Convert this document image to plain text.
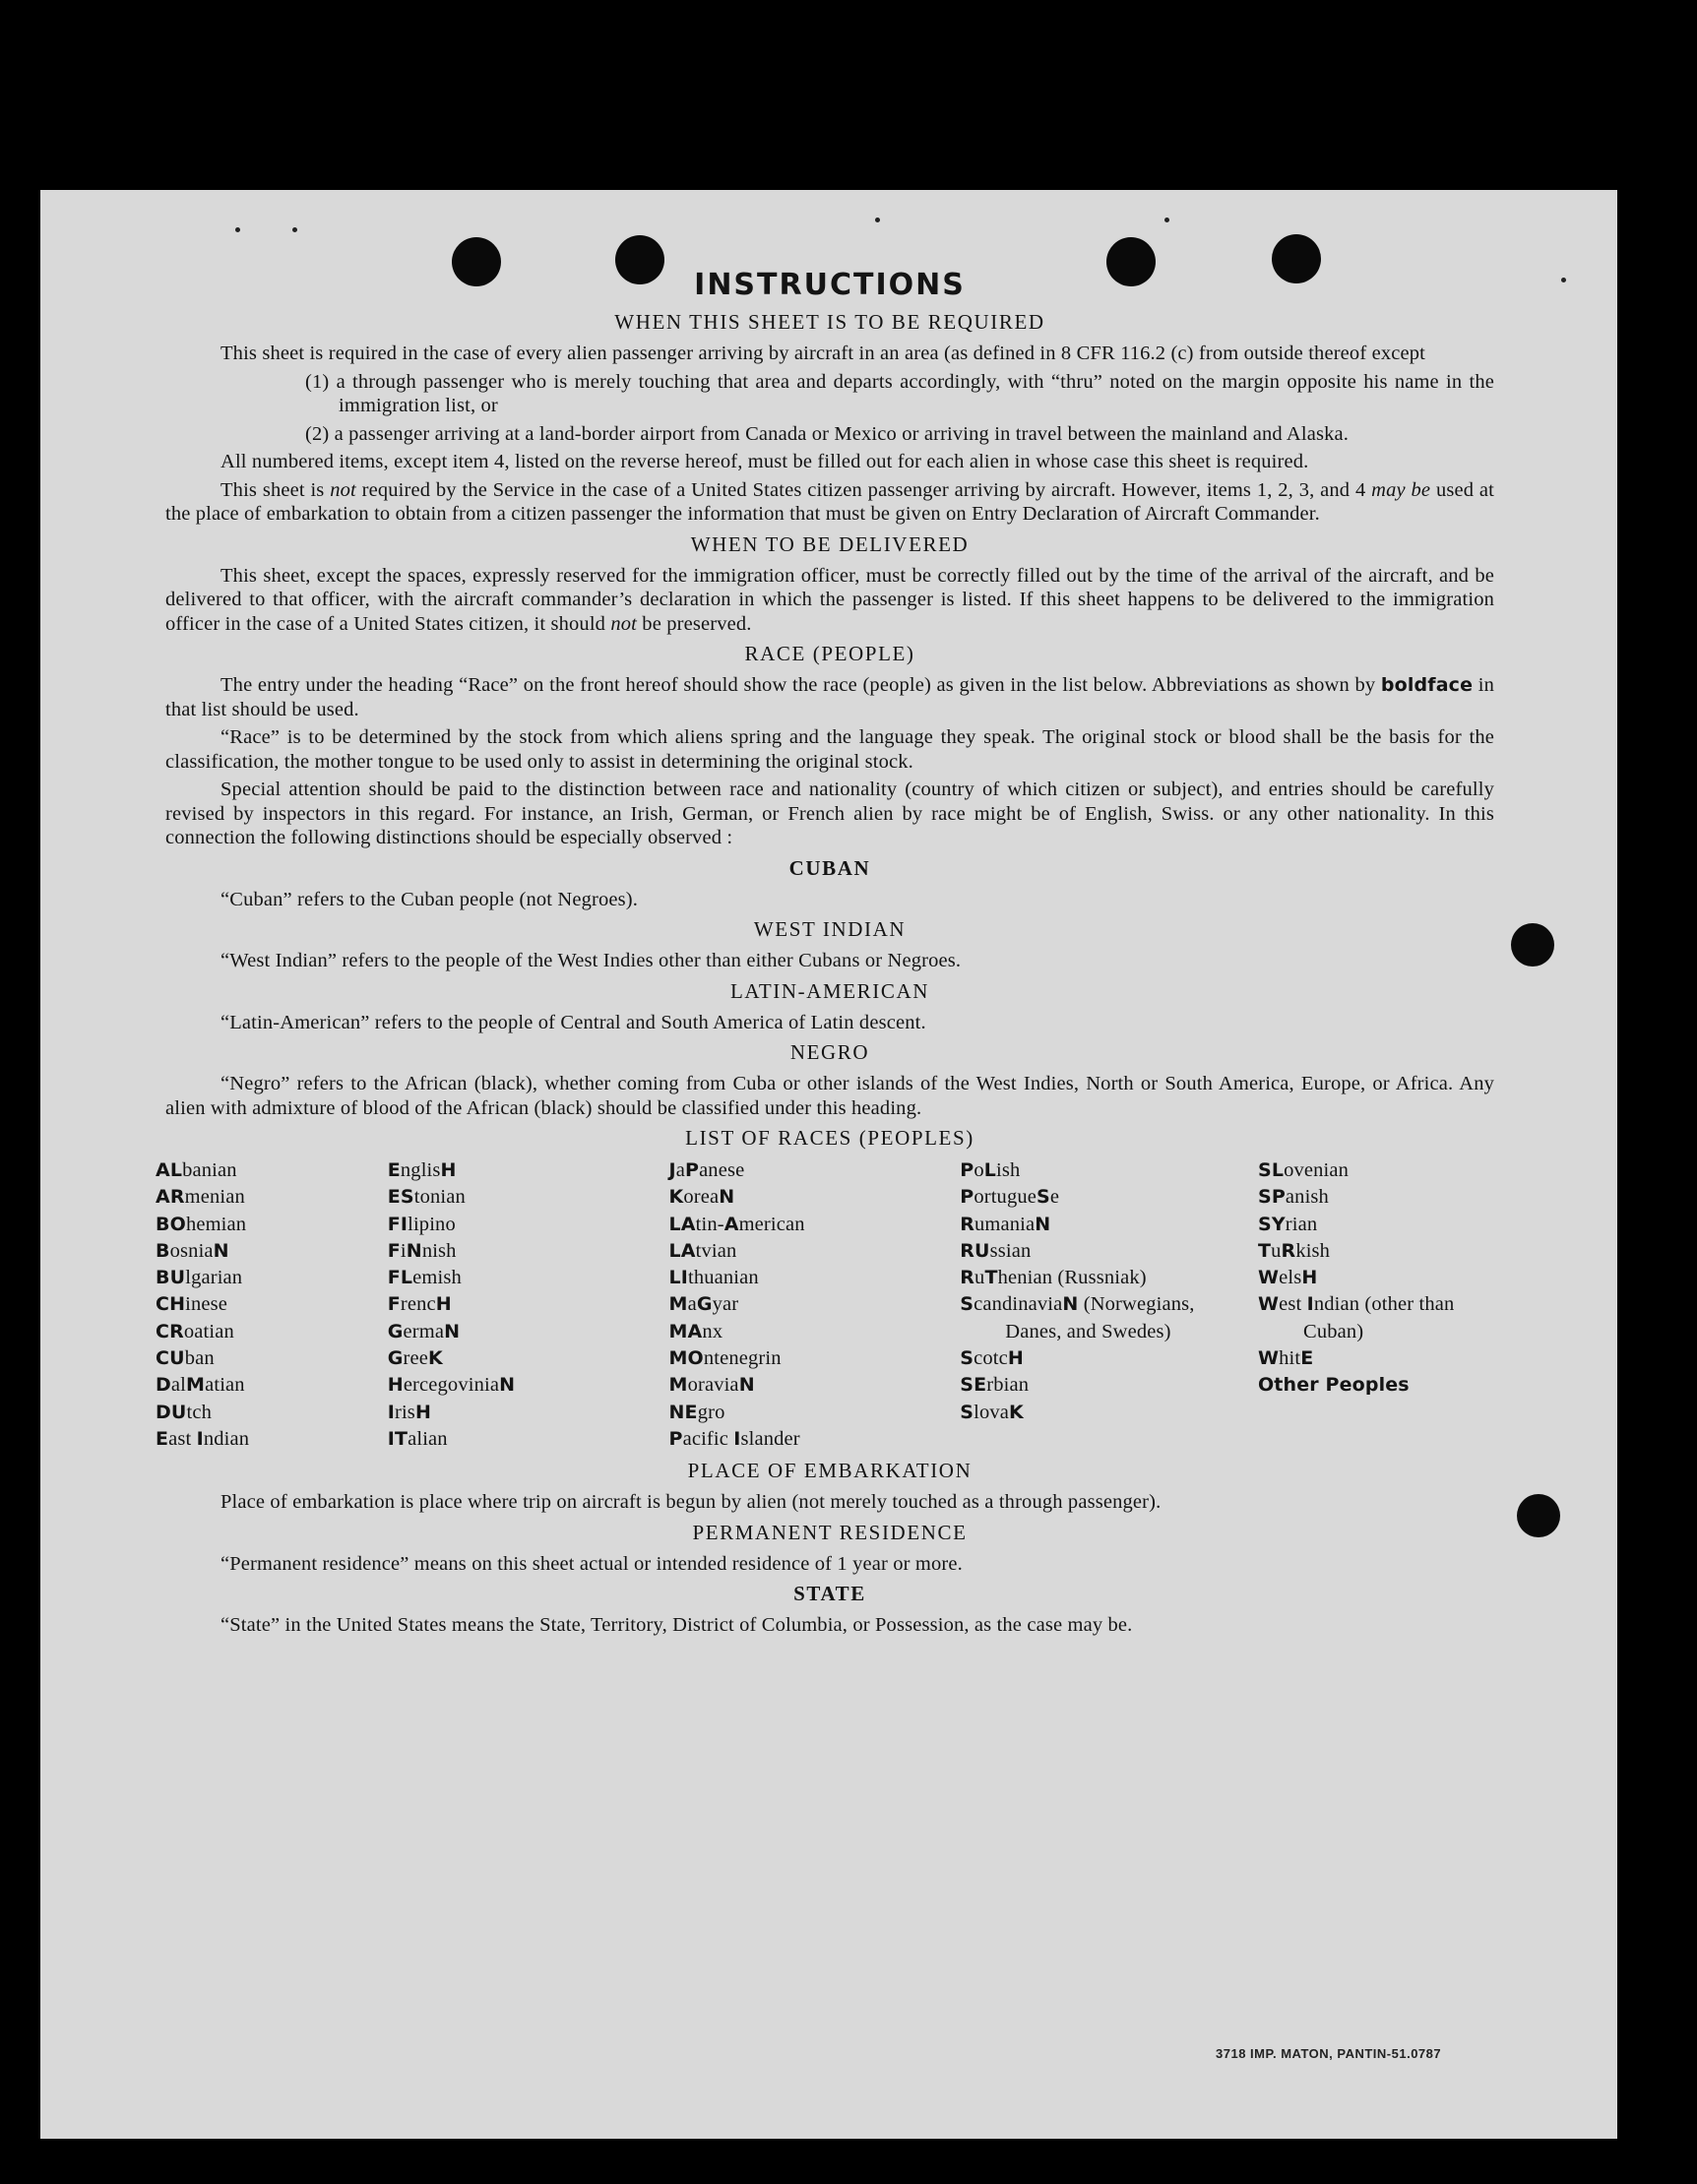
INSTRUCTIONS
WHEN THIS SHEET IS TO BE REQUIRED

This sheet is required in the case of every alien passenger arriving by aircraft in an area (as defined in 8 CFR 116.2 (c) from outside thereof except

(1) a through passenger who is merely touching that area and departs accordingly, with “thru” noted on the margin opposite his name in the immigration list, or
(2) a passenger arriving at a land-border airport from Canada or Mexico or arriving in travel between the mainland and Alaska.

All numbered items, except item 4, listed on the reverse hereof, must be filled out for each alien in whose case this sheet is required.

This sheet is not required by the Service in the case of a United States citizen passenger arriving by aircraft. However, items 1, 2, 3, and 4 may be used at the place of embarkation to obtain from a citizen passenger the information that must be given on Entry Declaration of Aircraft Commander.

WHEN TO BE DELIVERED

This sheet, except the spaces, expressly reserved for the immigration officer, must be correctly filled out by the time of the arrival of the aircraft, and be delivered to that officer, with the aircraft commander’s declaration in which the passenger is listed. If this sheet happens to be delivered to the immigration officer in the case of a United States citizen, it should not be preserved.

RACE (PEOPLE)

The entry under the heading “Race” on the front hereof should show the race (people) as given in the list below. Abbreviations as shown by boldface in that list should be used.

“Race” is to be determined by the stock from which aliens spring and the language they speak. The original stock or blood shall be the basis for the classification, the mother tongue to be used only to assist in determining the original stock.

Special attention should be paid to the distinction between race and nationality (country of which citizen or subject), and entries should be carefully revised by inspectors in this regard. For instance, an Irish, German, or French alien by race might be of English, Swiss. or any other nationality. In this connection the following distinctions should be especially observed :

CUBAN

“Cuban” refers to the Cuban people (not Negroes).

WEST INDIAN

“West Indian” refers to the people of the West Indies other than either Cubans or Negroes.

LATIN-AMERICAN

“Latin-American” refers to the people of Central and South America of Latin descent.

NEGRO

“Negro” refers to the African (black), whether coming from Cuba or other islands of the West Indies, North or South America, Europe, or Africa. Any alien with admixture of blood of the African (black) should be classified under this heading.

LIST OF RACES (PEOPLES)
ALbanian
ARmenian
BOhemian
BosniaN
BUlgarian
CHinese
CRoatian
CUban
DalMatian
DUtch
East Indian
EnglisH
EStonian
FIlipino
FiNnish
FLemish
FrencH
GermaN
GreeK
HercegoviniaN
IrisH
ITalian
JaPanese
KoreaN
LAtin-American
LAtvian
LIthuanian
MaGyar
MAnx
MOntenegrin
MoraviaN
NEgro
Pacific Islander
PoLish
PortugueSe
RumaniaN
RUssian
RuThenian (Russniak)
ScandinaviaN (Norwegians, Danes, and Swedes)
ScotcH
SErbian
SlovaK
SLovenian
SPanish
SYrian
TuRkish
WelsH
West Indian (other than Cuban)
WhitE
Other Peoples
PLACE OF EMBARKATION

Place of embarkation is place where trip on aircraft is begun by alien (not merely touched as a through passenger).

PERMANENT RESIDENCE

“Permanent residence” means on this sheet actual or intended residence of 1 year or more.

STATE

“State” in the United States means the State, Territory, District of Columbia, or Possession, as the case may be.

3718 IMP. MATON, PANTIN-51.0787
